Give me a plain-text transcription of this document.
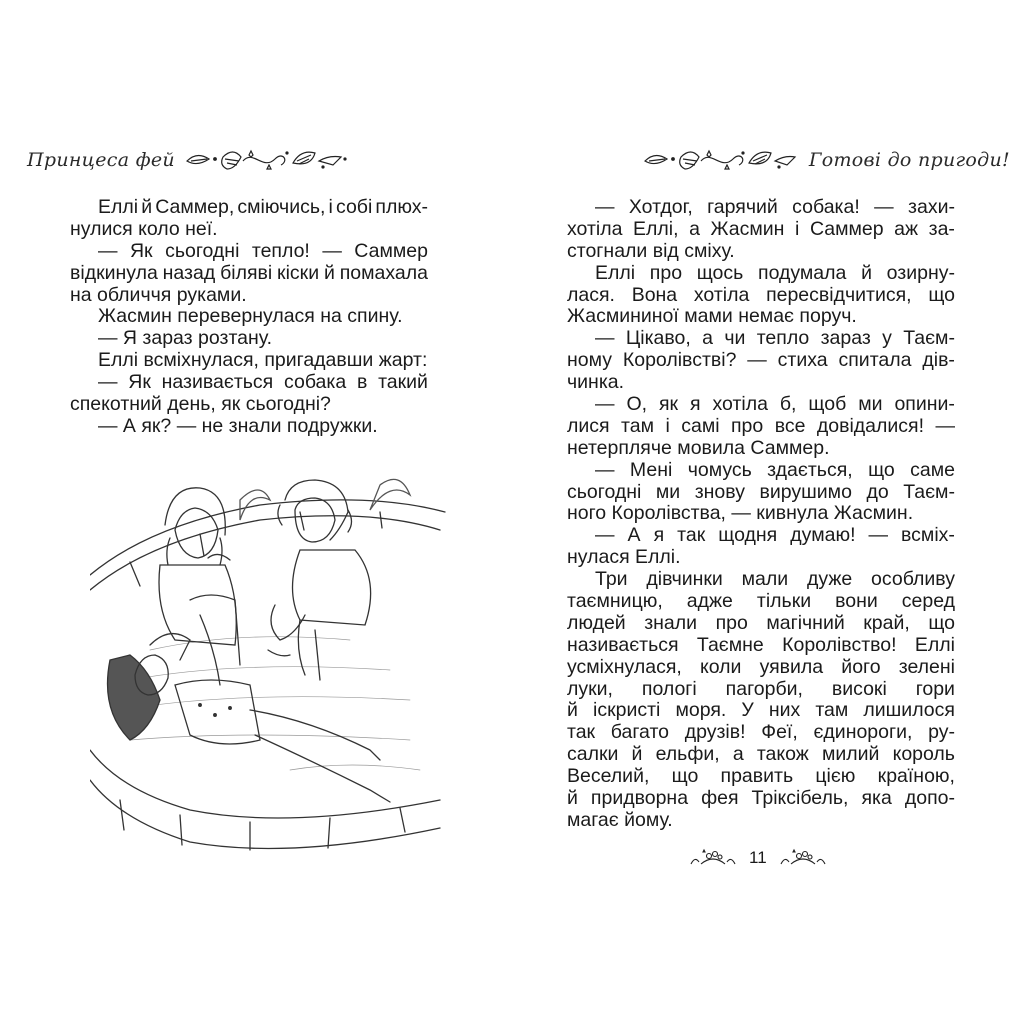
Принцеса фей
Еллі й Саммер, сміючись, і собі плюх-
нулися коло неї.
— Як сьогодні тепло! — Саммер
відкинула назад біляві кіски й помахала
на обличчя руками.
Жасмин перевернулася на спину.
— Я зараз розтану.
Еллі всміхнулася, пригадавши жарт:
— Як називається собака в такий
спекотний день, як сьогодні?
— А як? — не знали подружки.
Готові до пригоди!
— Хотдог, гарячий собака! — захи-
хотіла Еллі, а Жасмин і Саммер аж за-
стогнали від сміху.
Еллі про щось подумала й озирну-
лася. Вона хотіла пересвідчитися, що
Жасмининої мами немає поруч.
— Цікаво, а чи тепло зараз у Таєм-
ному Королівстві? — стиха спитала дів-
чинка.
— О, як я хотіла б, щоб ми опини-
лися там і самі про все довідалися! —
нетерпляче мовила Саммер.
— Мені чомусь здається, що саме
сьогодні ми знову вирушимо до Таєм-
ного Королівства, — кивнула Жасмин.
— А я так щодня думаю! — всміх-
нулася Еллі.
Три дівчинки мали дуже особливу
таємницю, адже тільки вони серед
людей знали про магічний край, що
називається Таємне Королівство! Еллі
усміхнулася, коли уявила його зелені
луки, пологі пагорби, високі гори
й іскристі моря. У них там лишилося
так багато друзів! Феї, єдинороги, ру-
салки й ельфи, а також милий король
Веселий, що править цією країною,
й придворна фея Тріксібель, яка допо-
магає йому.
11
